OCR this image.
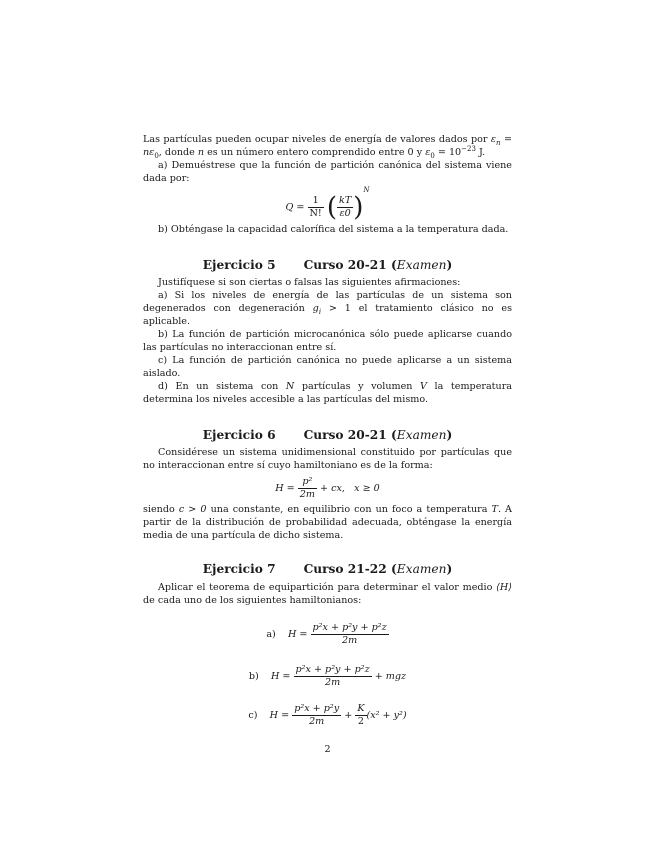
Las partículas pueden ocupar niveles de energía de valores dados por $\varepsilon_n = n\varepsilon_0$, donde n es un número entero comprendido entre 0 y $\varepsilon_0 = 10^{-23}$ J.

a) Demuéstrese que la función de partición canónica del sistema viene dada por:

$Q = \frac{1}{N!}$ ( $\frac{kT}{\varepsilon 0} )^N$

b) Obténgase la capacidad calorífica del sistema a la temperatura dada.

Ejercicio 5 Curso 20-21 (Examen)

Justifíquese si son ciertas o falsas las siguientes afirmaciones:

a) Si los niveles de energía de las partículas de un sistema son degenerados con degeneración $g_i > 1$ el tratamiento clásico no es aplicable.

b) La función de partición microcanónica sólo puede aplicarse cuando las partículas no interaccionan entre sí.

c) La función de partición canónica no puede aplicarse a un sistema aislado.

d) En un sistema con N partículas y volumen V la temperatura determina los niveles accesible a las partículas del mismo.

Ejercicio 6 Curso 20-21 (Examen)

Considérese un sistema unidimensional constituido por partículas que no interaccionan entre sí cuyo hamiltoniano es de la forma:

$H = \frac{\text{p²}}{2m}$ + cx, x ≥ 0

siendo c > 0 una constante, en equilibrio con un foco a temperatura T. A partir de la distribución de probabilidad adecuada, obténgase la energía media de una partícula de dicho sistema.

Ejercicio 7 Curso 21-22 (Examen)

Aplicar el teorema de equipartición para determinar el valor medio ⟨H⟩ de cada uno de los siguientes hamiltonianos:

a) $H = \frac{\text{p²x + p²y + p²z}}{2m}$
b) $H = \frac{\text{p²x + p²y + p²z}}{2m}$ + mgz
c) $H = \frac{\text{p²x + p²y}}{2m} + \frac{K}{2} (x^2 + y^2)$
2
